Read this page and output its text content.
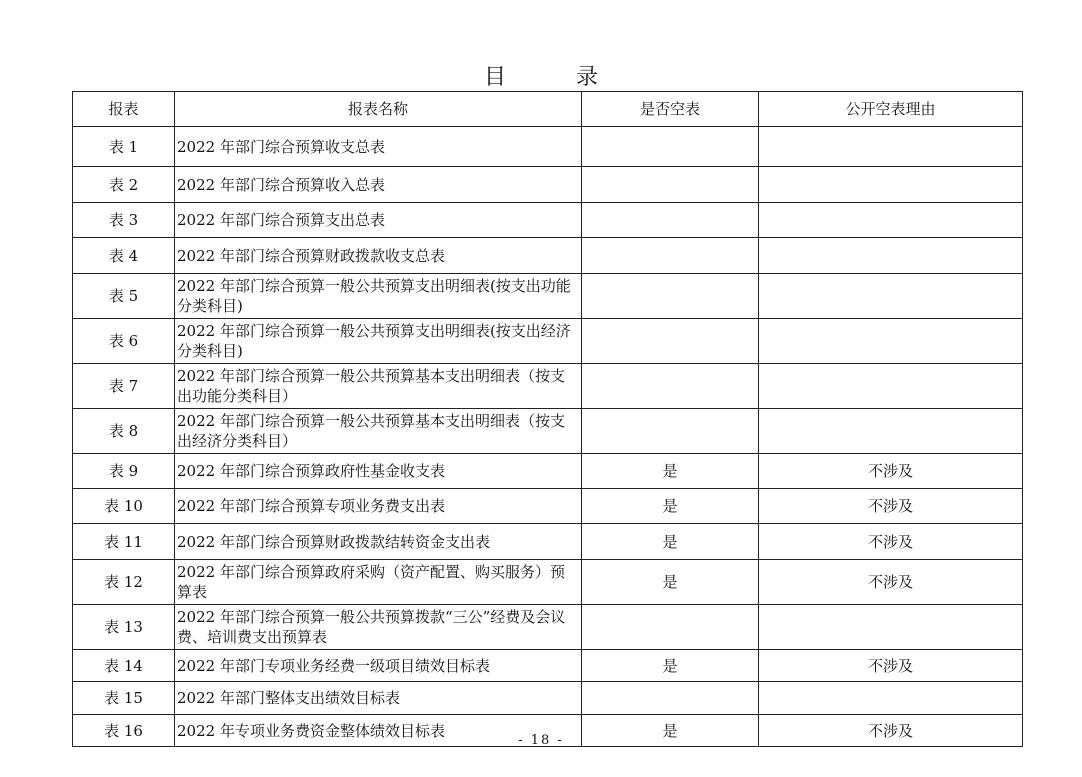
目	录
报表	报表名称	是否空表	公开空表理由
表 1	2022 年部门综合预算收支总表		
表 2	2022 年部门综合预算收入总表		
表 3	2022 年部门综合预算支出总表		
表 4	2022 年部门综合预算财政拨款收支总表		
表 5	2022 年部门综合预算一般公共预算支出明细表(按支出功能分类科目)		
表 6	2022 年部门综合预算一般公共预算支出明细表(按支出经济分类科目)		
表 7	2022 年部门综合预算一般公共预算基本支出明细表（按支出功能分类科目）		
表 8	2022 年部门综合预算一般公共预算基本支出明细表（按支出经济分类科目）		
表 9	2022 年部门综合预算政府性基金收支表	是	不涉及
表 10	2022 年部门综合预算专项业务费支出表	是	不涉及
表 11	2022 年部门综合预算财政拨款结转资金支出表	是	不涉及
表 12	2022 年部门综合预算政府采购（资产配置、购买服务）预算表	是	不涉及
表 13	2022 年部门综合预算一般公共预算拨款“三公”经费及会议费、培训费支出预算表		
表 14	2022 年部门专项业务经费一级项目绩效目标表	是	不涉及
表 15	2022 年部门整体支出绩效目标表		
表 16	2022 年专项业务费资金整体绩效目标表	是	不涉及
- 18 -
